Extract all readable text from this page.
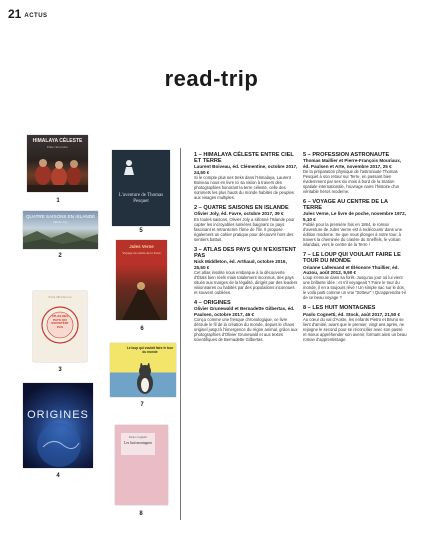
21 ACTUS
read-trip
HIMALAYA CÉLESTE
Entre ciel et terre
1
QUATRE SAISONS EN ISLANDE
Olivier Joly
2
Nick Middleton
ATLAS DES PAYS QUI N'EXISTENT PAS
3
ORIGINES
4
L'aventure de Thomas Pesquet
5
Jules Verne
Voyage au centre de la Terre
6
Le loup qui voulait faire le tour du monde
7
Paolo Cognetti
Les huit montagnes
8
1 – HIMALAYA CÉLESTE ENTRE CIEL ET TERRE
Laurent Boiveau, éd. Clémentine, octobre 2017, 24,50 €
Si le compte plus ses treks dans l'Himalaya, Laurent Boiveau nous en livre ici sa vision à travers des photographies honorant la terre céleste, celle des sommets les plus hauts du monde habités de peuples aux visages multiples.
2 – QUATRE SAISONS EN ISLANDE
Olivier Joly, éd. Favre, octobre 2017, 39 €
En toutes saisons, Olivier Joly a sillonné l'Islande pour capter les incroyables lumières baignant ce pays fascinant et retranscrire l'âme de l'île. Il propose également un cahier pratique pour découvrir hors des sentiers battus.
3 – ATLAS DES PAYS QUI N'EXISTENT PAS
Nick Middleton, éd. Arthaud, octobre 2016, 25,50 €
Cet atlas insolite nous embarque à la découverte d'États bien réels mais totalement inconnus, des pays situés aux marges de la légalité, dirigés par des leaders visionnaires ou habités par des populations inconnues et souvent oubliées.
4 – ORIGINES
Olivier Grunewald et Bernadette Gilbertas, éd. Paulsen, octobre 2017, 46 €
Conçu comme une fresque chronologique, ce livre déroule le fil de la création du monde, depuis le chaos originel jusqu'à l'émergence du règne animal, grâce aux photographies d'Olivier Grunewald et aux textes scientifiques de Bernadette Gilbertas.
5 – PROFESSION ASTRONAUTE
Thomas Maillier et Pierre-François Mouriaux, éd. Paulsen et Arte, novembre 2017, 25 €
De la préparation physique de l'astronaute Thomas Pesquet à son retour sur Terre, en passant bien évidemment par ses six mois à bord de la Station spatiale internationale, l'ouvrage narre l'histoire d'un véritable héros moderne.
6 – VOYAGE AU CENTRE DE LA TERRE
Jules Verne, Le livre de poche, novembre 1972, 5,10 €
Publié pour la première fois en 1864, le roman d'aventure de Jules Verne est à redécouvrir dans une édition moderne. Se que nous plonger à notre tour, à travers la cheminée du cratère du Sneffels, le volcan islandais, vers le centre de la Terre !
7 – LE LOUP QUI VOULAIT FAIRE LE TOUR DU MONDE
Orianne Lallemand et Éléonore Thuillier, éd. Auzou, août 2012, 9,90 €
Loup s'ennuie dans sa forêt. Jusqu'au jour où lui vient une brillante idée : et s'il voyageait ? Faire le tour du monde, il en a toujours rêvé ! Un simple sac sur le dos, le voilà parti comme un vrai "trotteur" ! Qu'apprendra-t-il de ce beau voyage ?
8 – LES HUIT MONTAGNES
Paolo Cognetti, éd. Stock, août 2017, 21,50 €
Au cœur du val d'Aoste, les enfants Pietro et Bruno se lient d'amitié, avant que le premier, vingt ans après, ne rejoigne le second pour se réconcilier avec son passé et mieux appréhender son avenir, formant ainsi un beau roman d'apprentissage.
